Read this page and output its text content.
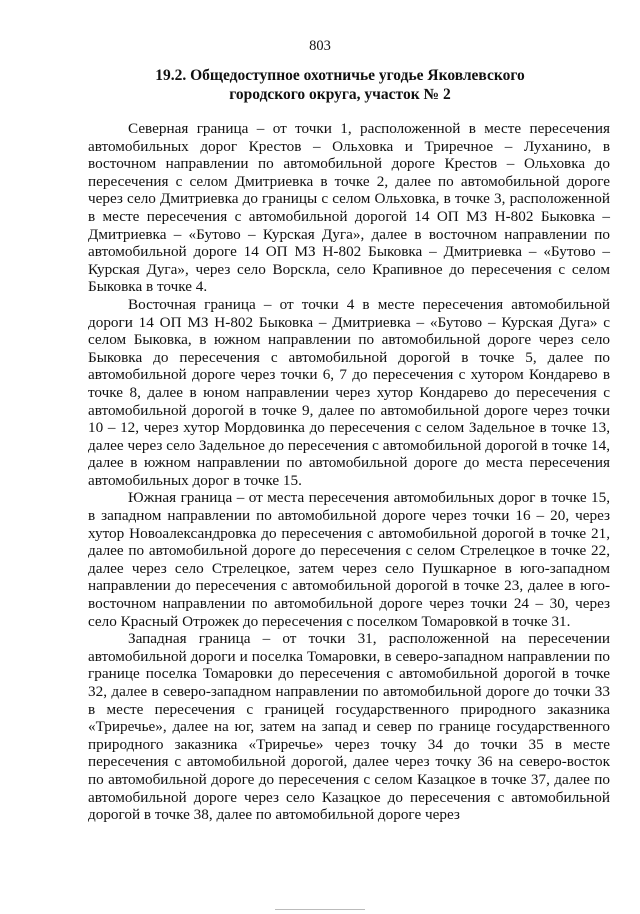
803
19.2. Общедоступное охотничье угодье Яковлевского городского округа, участок № 2

Северная граница – от точки 1, расположенной в месте пересечения автомобильных дорог Крестов – Ольховка и Триречное – Луханино, в восточном направлении по автомобильной дороге Крестов – Ольховка до пересечения с селом Дмитриевка в точке 2, далее по автомобильной дороге через село Дмитриевка до границы с селом Ольховка, в точке 3, расположенной в месте пересечения с автомобильной дорогой 14 ОП МЗ Н-802 Быковка – Дмитриевка – «Бутово – Курская Дуга», далее в восточном направлении по автомобильной дороге 14 ОП МЗ Н-802 Быковка – Дмитриевка – «Бутово – Курская Дуга», через село Ворскла, село Крапивное до пересечения с селом Быковка в точке 4.

Восточная граница – от точки 4 в месте пересечения автомобильной дороги 14 ОП МЗ Н-802 Быковка – Дмитриевка – «Бутово – Курская Дуга» с селом Быковка, в южном направлении по автомобильной дороге через село Быковка до пересечения с автомобильной дорогой в точке 5, далее по автомобильной дороге через точки 6, 7 до пересечения с хутором Кондарево в точке 8, далее в юном направлении через хутор Кондарево до пересечения с автомобильной дорогой в точке 9, далее по автомобильной дороге через точки 10 – 12, через хутор Мордовинка до пересечения с селом Задельное в точке 13, далее через село Задельное до пересечения с автомобильной дорогой в точке 14, далее в южном направлении по автомобильной дороге до места пересечения автомобильных дорог в точке 15.

Южная граница – от места пересечения автомобильных дорог в точке 15, в западном направлении по автомобильной дороге через точки 16 – 20, через хутор Новоалександровка до пересечения с автомобильной дорогой в точке 21, далее по автомобильной дороге до пересечения с селом Стрелецкое в точке 22, далее через село Стрелецкое, затем через село Пушкарное в юго-западном направлении до пересечения с автомобильной дорогой в точке 23, далее в юго-восточном направлении по автомобильной дороге через точки 24 – 30, через село Красный Отрожек до пересечения с поселком Томаровкой в точке 31.

Западная граница – от точки 31, расположенной на пересечении автомобильной дороги и поселка Томаровки, в северо-западном направлении по границе поселка Томаровки до пересечения с автомобильной дорогой в точке 32, далее в северо-западном направлении по автомобильной дороге до точки 33 в месте пересечения с границей государственного природного заказника «Триречье», далее на юг, затем на запад и север по границе государственного природного заказника «Триречье» через точку 34 до точки 35 в месте пересечения с автомобильной дорогой, далее через точку 36 на северо-восток по автомобильной дороге до пересечения с селом Казацкое в точке 37, далее по автомобильной дороге через село Казацкое до пересечения с автомобильной дорогой в точке 38, далее по автомобильной дороге через
